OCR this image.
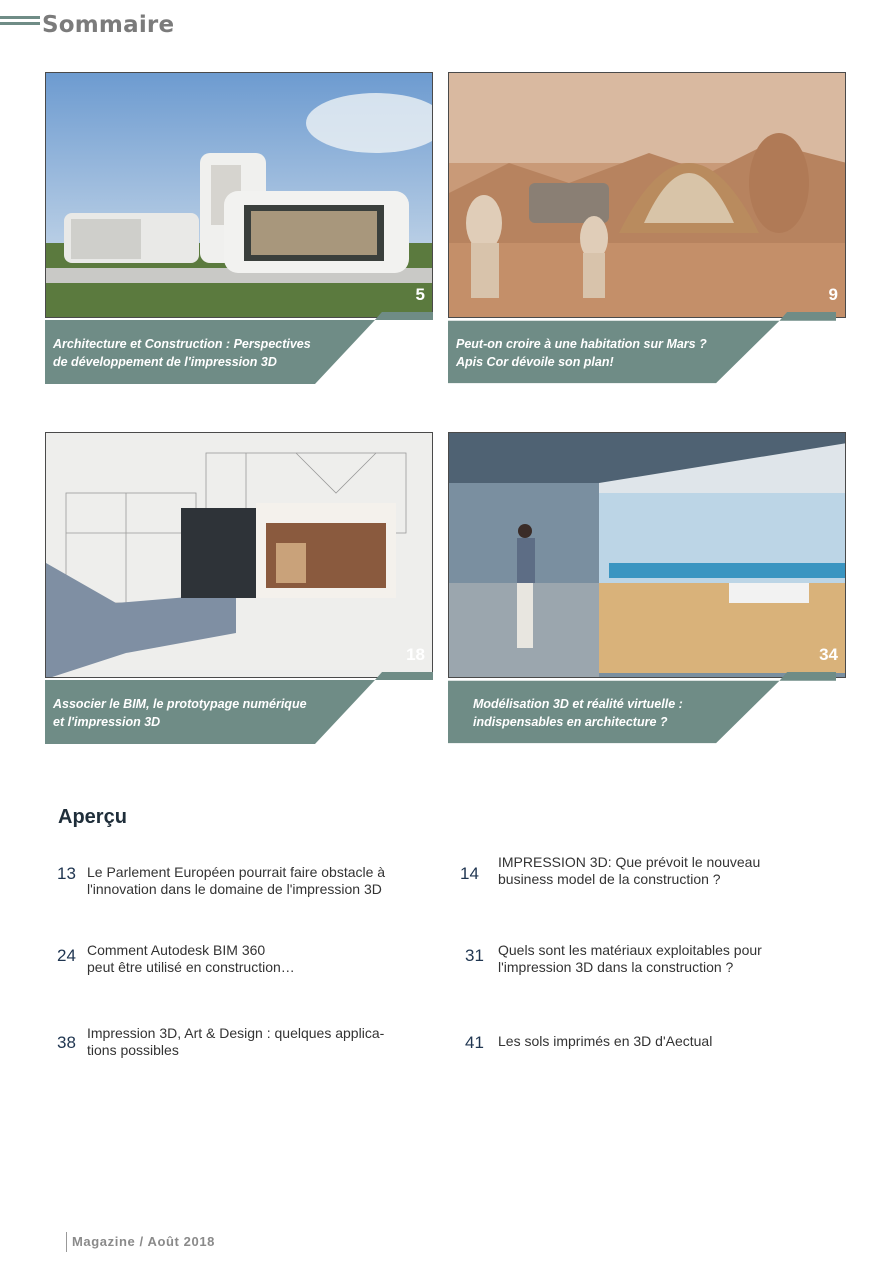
Sommaire
5
Architecture et Construction : Perspectives
de développement de l'impression 3D
9
Peut-on croire à une habitation sur Mars ?
Apis Cor dévoile son plan!
18
Associer le BIM, le prototypage numérique
et l'impression 3D
34
Modélisation 3D et réalité virtuelle :
indispensables en architecture ?
Aperçu
13 Le Parlement Européen pourrait faire obstacle à
l'innovation dans le domaine de l'impression 3D
14
IMPRESSION 3D: Que prévoit le nouveau
business model de la construction ?
24 Comment Autodesk BIM 360
peut être utilisé en construction…
31 Quels sont les matériaux exploitables pour
l'impression 3D dans la construction ?
38 Impression 3D, Art & Design : quelques applica-
tions possibles	41 Les sols imprimés en 3D d'Aectual
Magazine / Août 2018
